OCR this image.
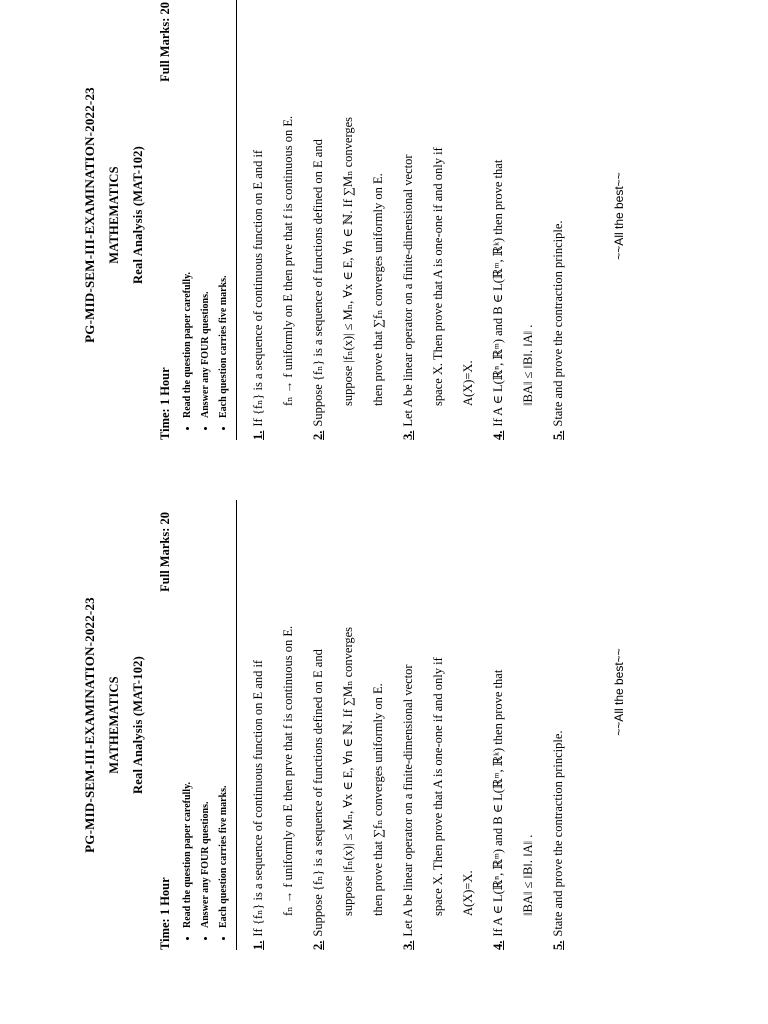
PG-MID-SEM-III-EXAMINATION-2022-23 MATHEMATICS Real Analysis (MAT-102)
Time: 1 Hour
Full Marks: 20
• Read the question paper carefully. • Answer any FOUR questions. • Each question carries five marks.
1.If {fₙ} is a sequence of continuous function on E and if	fₙ → f uniformly on E then prve that f is continuous on E.
2.Suppose {fₙ} is a sequence of functions defined on E and	suppose |fₙ(x)| ≤ Mₙ, ∀x ∈ E, ∀n ∈ ℕ. If ∑Mₙ converges	then prove that ∑fₙ converges uniformly on E.
3.Let A be linear operator on a finite-dimensional vector	space X. Then prove that A is one-one if and only if	A(X)=X.
4.If A ∈ L(ℝⁿ, ℝᵐ) and B ∈ L(ℝᵐ, ℝᵏ) then prove that	‖BA‖ ≤ ‖B‖. ‖A‖ .
5.State and prove the contraction principle.
PG-MID-SEM-III-EXAMINATION-2022-23 MATHEMATICS Real Analysis (MAT-102)
Time: 1 Hour
Full Marks: 20
• Read the question paper carefully. • Answer any FOUR questions. • Each question carries five marks.
1.If {fₙ} is a sequence of continuous function on E and if	fₙ → f uniformly on E then prve that f is continuous on E.
2.Suppose {fₙ} is a sequence of functions defined on E and	suppose |fₙ(x)| ≤ Mₙ, ∀x ∈ E, ∀n ∈ ℕ. If ∑Mₙ converges	then prove that ∑fₙ converges uniformly on E.
3.Let A be linear operator on a finite-dimensional vector	space X. Then prove that A is one-one if and only if	A(X)=X.
4.If A ∈ L(ℝⁿ, ℝᵐ) and B ∈ L(ℝᵐ, ℝᵏ) then prove that	‖BA‖ ≤ ‖B‖. ‖A‖ .
5.State and prove the contraction principle.
~~All the best~~
~~All the best~~
